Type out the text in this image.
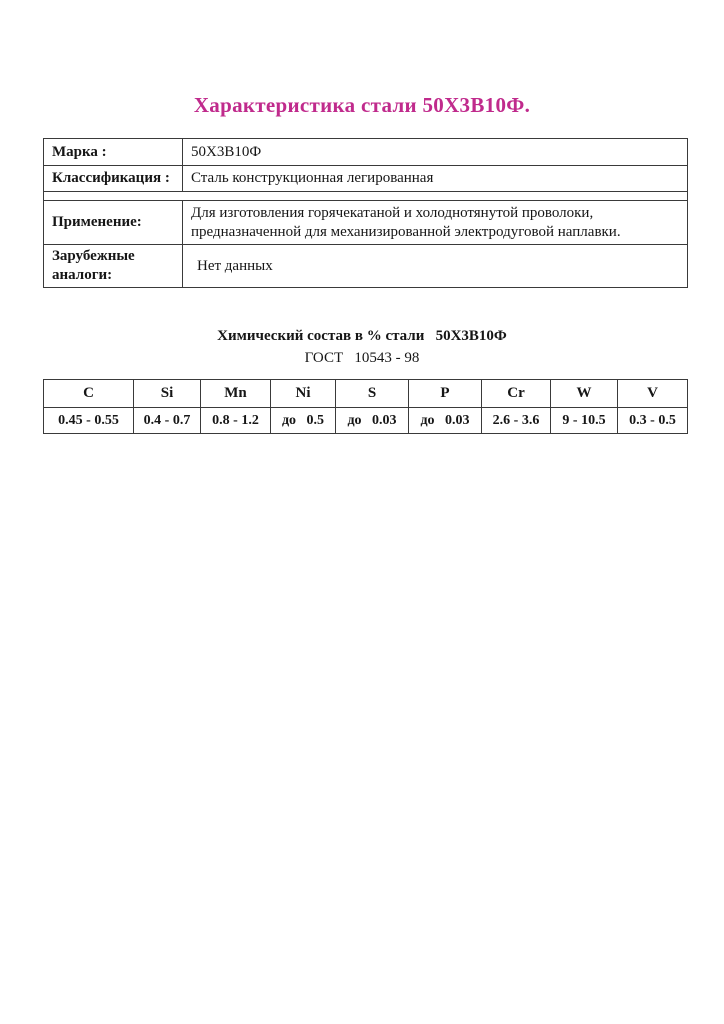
Характеристика стали 50Х3В10Ф.
Марка :	50Х3В10Ф
Классификация :	Сталь конструкционная легированная

Применение:	Для изготовления горячекатаной и холоднотянутой проволоки,
предназначенной для механизированной электродуговой наплавки.

Зарубежные аналоги:	Нет данных
Химический состав в % стали   50Х3В10Ф
ГОСТ   10543 - 98
C	Si	Mn	Ni	S	P	Cr	W	V
0.45 - 0.55	0.4 - 0.7	0.8 - 1.2	до   0.5	до   0.03	до   0.03	2.6 - 3.6	9 - 10.5	0.3 - 0.5
